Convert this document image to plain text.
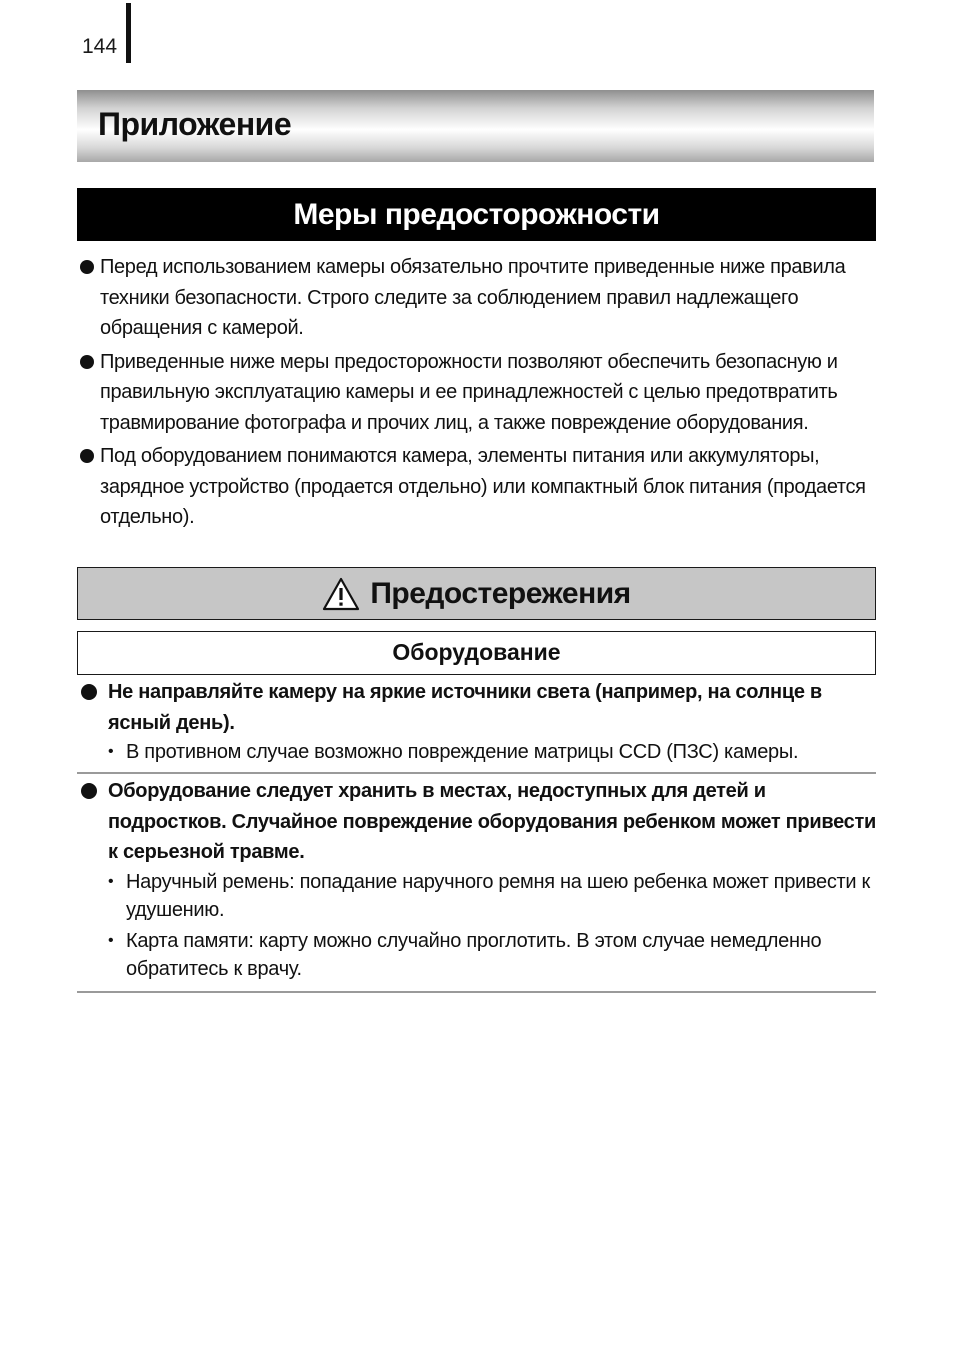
144
Приложение
Меры предосторожности
Перед использованием камеры обязательно прочтите приведенные ниже правила техники безопасности. Строго следите за соблюдением правил надлежащего обращения с камерой.
Приведенные ниже меры предосторожности позволяют обеспечить безопасную и правильную эксплуатацию камеры и ее принадлежностей с целью предотвратить травмирование фотографа и прочих лиц, а также повреждение оборудования.
Под оборудованием понимаются камера, элементы питания или аккумуляторы, зарядное устройство (продается отдельно) или компактный блок питания (продается отдельно).
Предостережения
Оборудование
Не направляйте камеру на яркие источники света (например, на солнце в ясный день).
• В противном случае возможно повреждение матрицы CCD (ПЗС) камеры.
Оборудование следует хранить в местах, недоступных для детей и подростков. Случайное повреждение оборудования ребенком может привести к серьезной травме.
• Наручный ремень: попадание наручного ремня на шею ребенка может привести к удушению.
• Карта памяти: карту можно случайно проглотить. В этом случае немедленно обратитесь к врачу.
